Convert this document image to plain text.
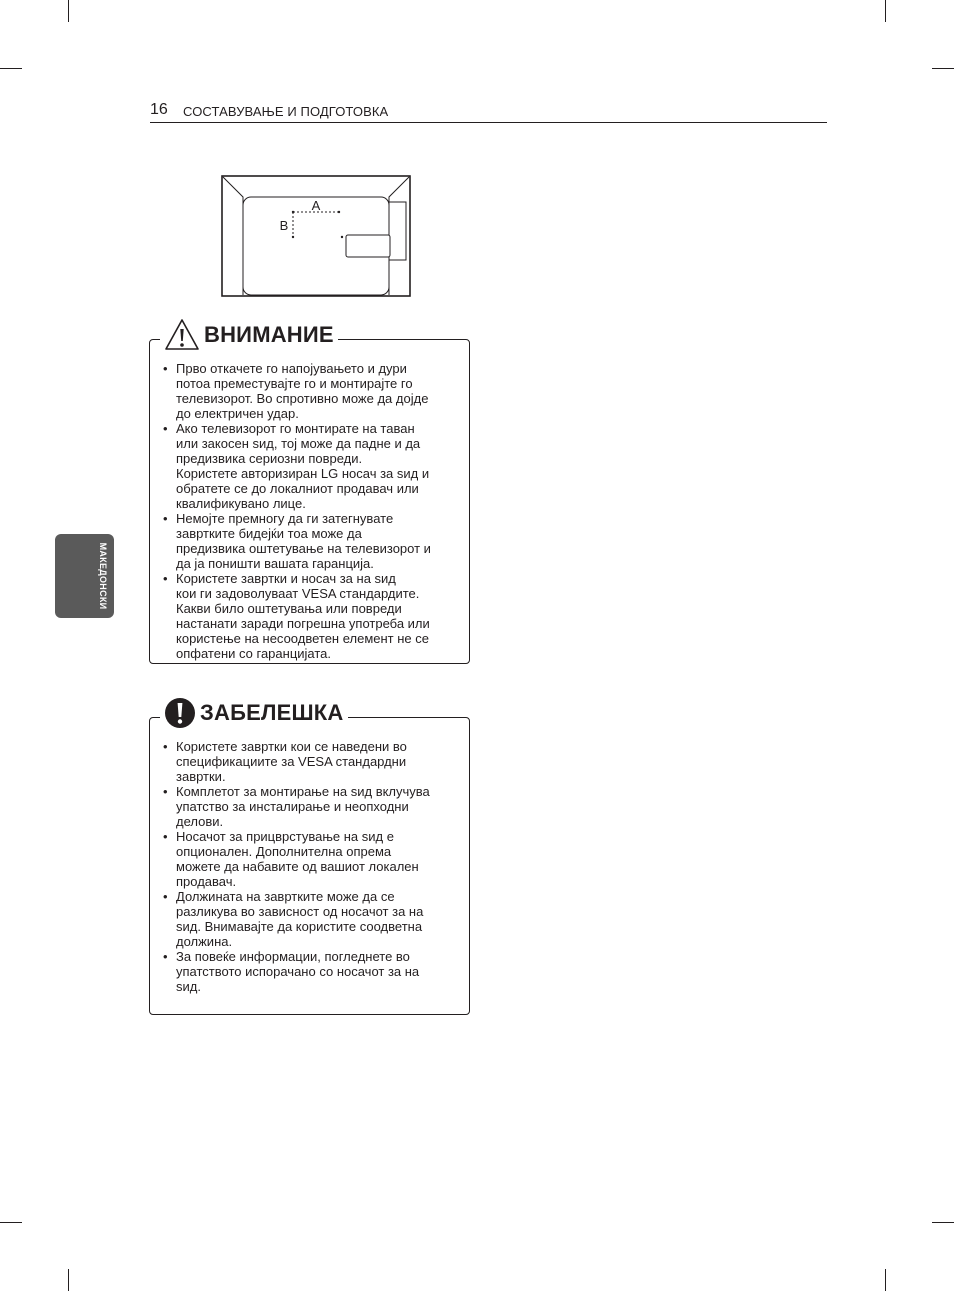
16 СОСТАВУВАЊЕ И ПОДГОТОВКА
МАКЕДОНСКИ
A
B
ВНИМАНИЕ
• Прво откачете го напојувањето и дури
потоа преместувајте го и монтирајте го
телевизорот. Во спротивно може да дојде
до електричен удар.
• Ако телевизорот го монтирате на таван
или закосен ѕид, тој може да падне и да
предизвика сериозни повреди.
Користете авторизиран LG носач за ѕид и
обратете се до локалниот продавач или
квалификувано лице.
• Немојте премногу да ги затегнувате
завртките бидејќи тоа може да
предизвика оштетување на телевизорот и
да ја поништи вашата гаранција.
• Користете завртки и носач за на ѕид
кои ги задоволуваат VESA стандардите.
Какви било оштетувања или повреди
настанати заради погрешна употреба или
користење на несоодветен елемент не се
опфатени со гаранцијата.
ЗАБЕЛЕШКА
• Користете завртки кои се наведени во
спецификациите за VESA стандардни
завртки.
• Комплетот за монтирање на ѕид вклучува
упатство за инсталирање и неопходни
делови.
• Носачот за прицврстување на ѕид е
опционален. Дополнителна опрема
можете да набавите од вашиот локален
продавач.
• Должината на завртките може да се
разликува во зависност од носачот за на
ѕид. Внимавајте да користите соодветна
должина.
• За повеќе информации, погледнете во
упатството испорачано со носачот за на
ѕид.
